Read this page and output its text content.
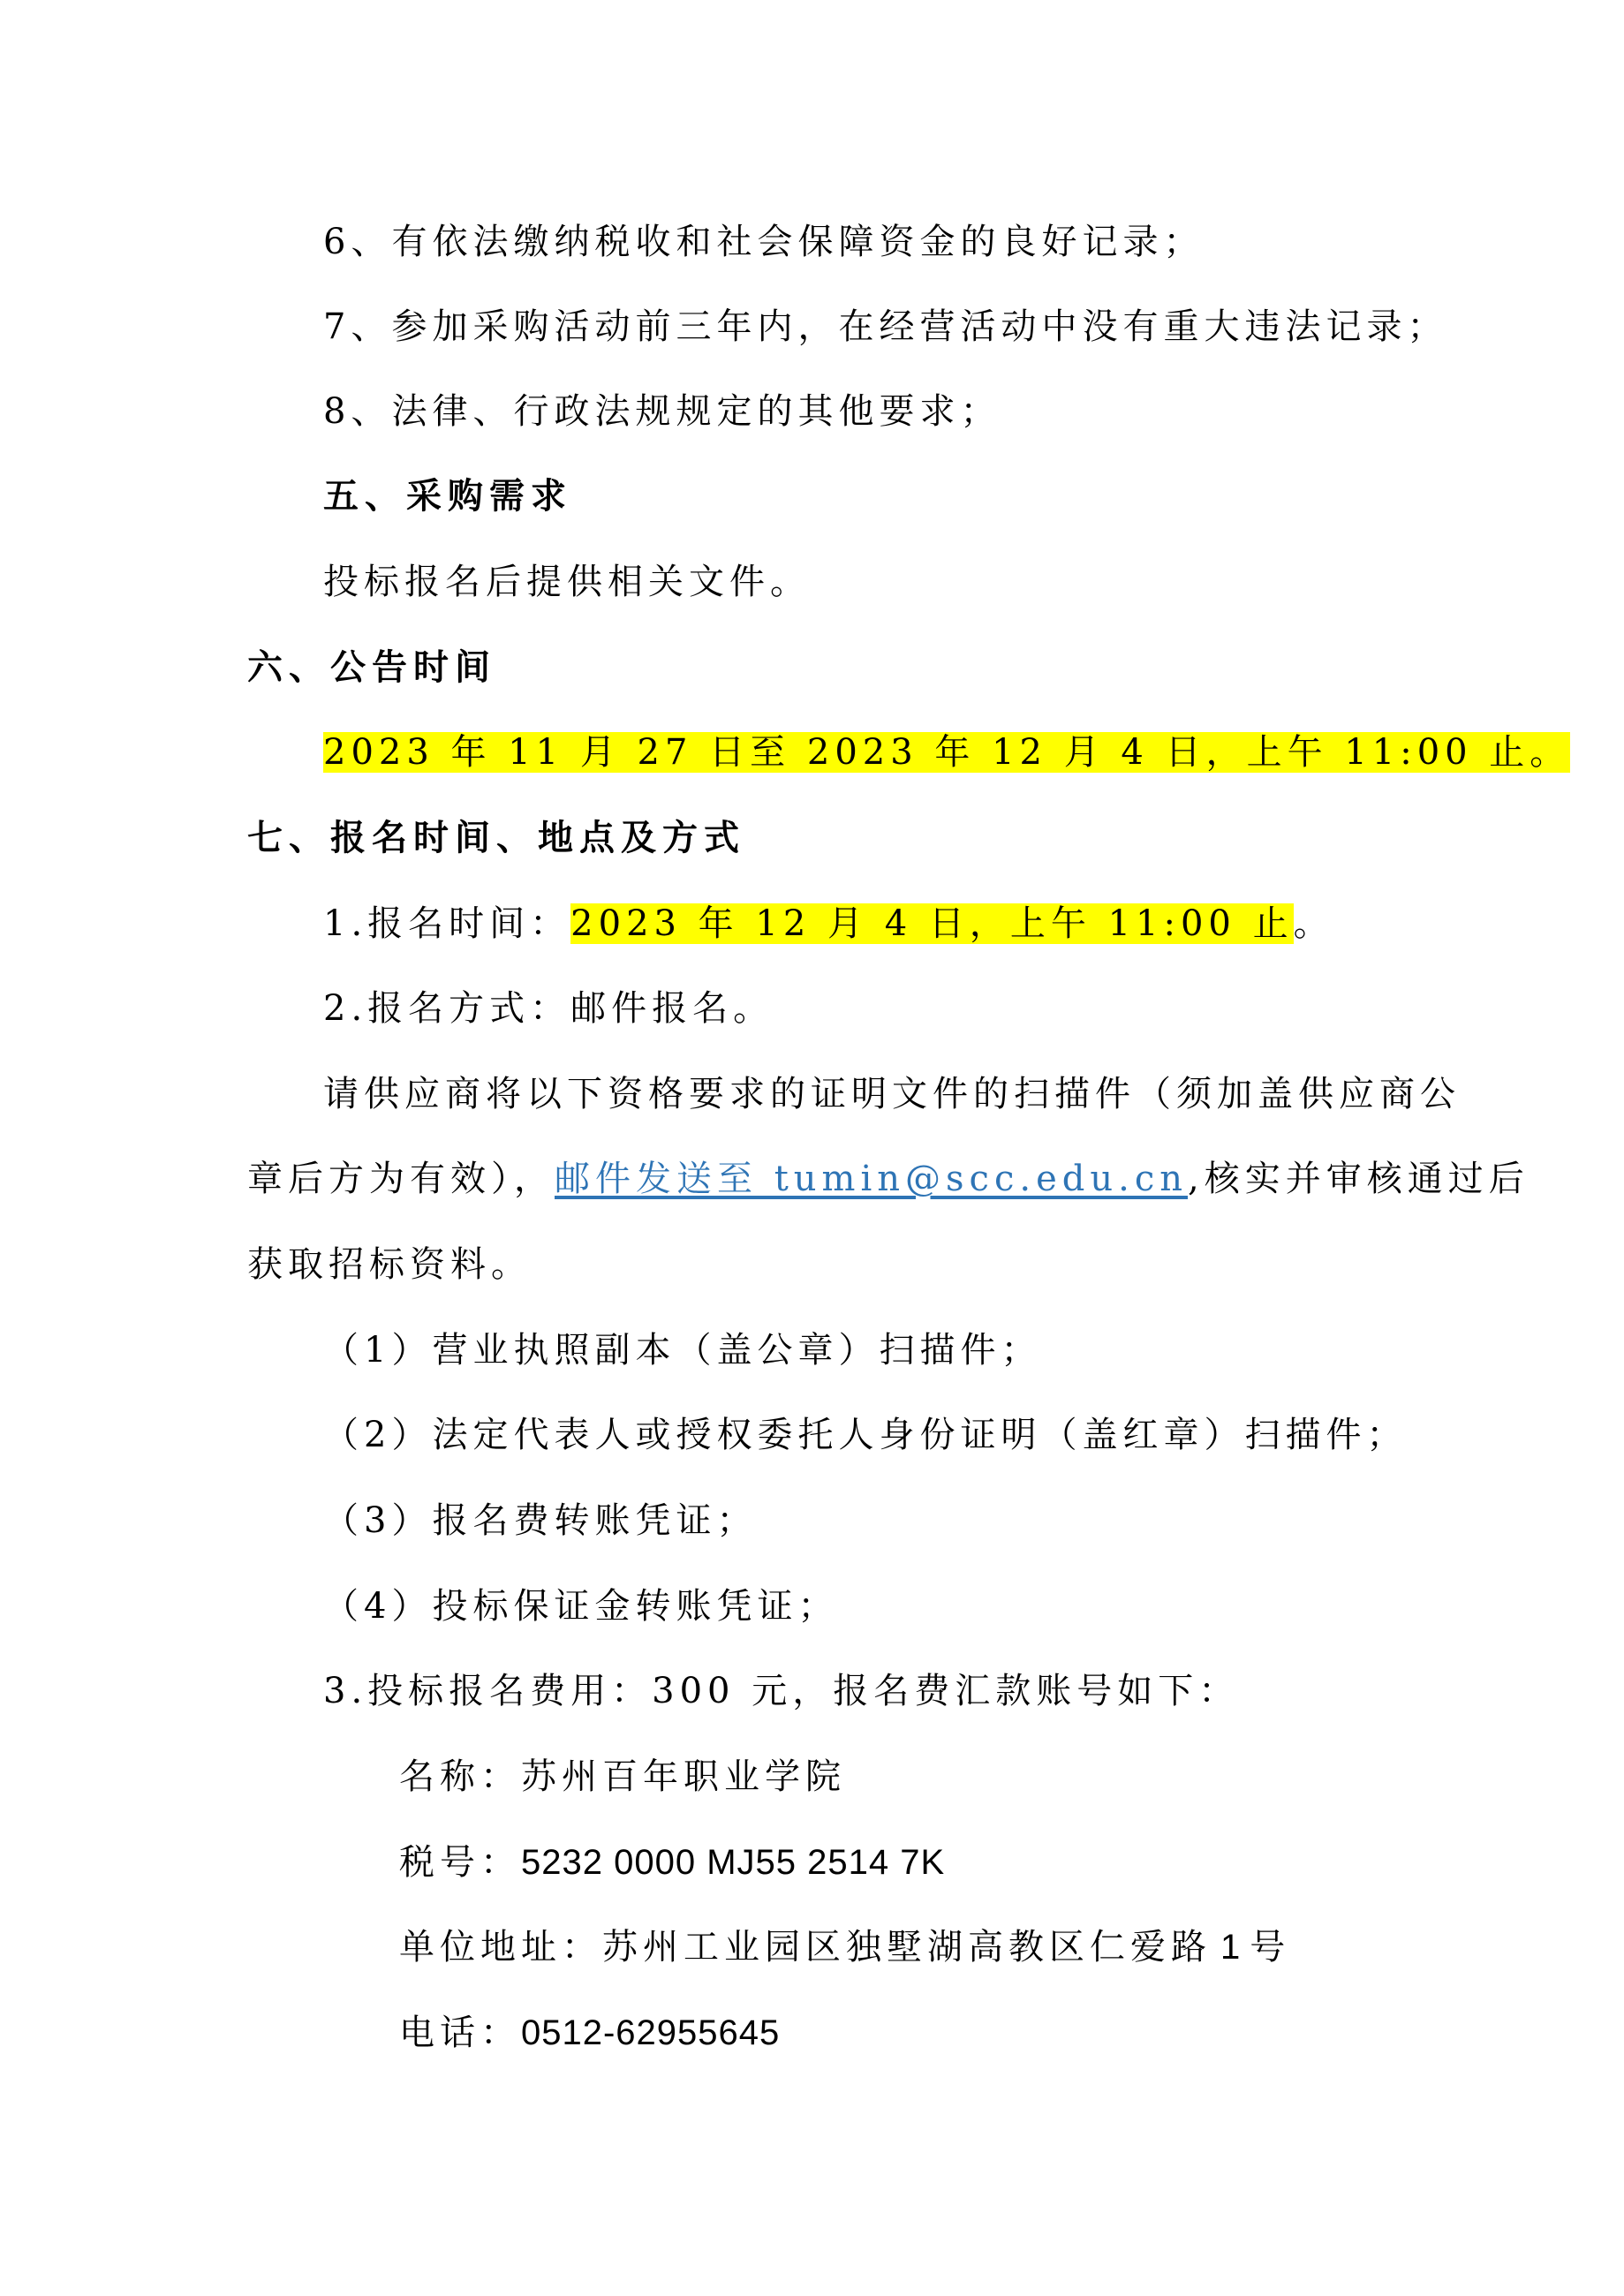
6、有依法缴纳税收和社会保障资金的良好记录；
7、参加采购活动前三年内，在经营活动中没有重大违法记录；
8、法律、行政法规规定的其他要求；
五、采购需求
投标报名后提供相关文件。
六、公告时间
2023 年 11 月 27 日至 2023 年 12 月 4 日，上午 11:00 止。
七、报名时间、地点及方式
1.报名时间：2023 年 12 月 4 日，上午 11:00 止。
2.报名方式：邮件报名。
请供应商将以下资格要求的证明文件的扫描件（须加盖供应商公
章后方为有效），邮件发送至 tumin@scc.edu.cn,核实并审核通过后
获取招标资料。
（1）营业执照副本（盖公章）扫描件；
（2）法定代表人或授权委托人身份证明（盖红章）扫描件；
（3）报名费转账凭证；
（4）投标保证金转账凭证；
3.投标报名费用：300 元，报名费汇款账号如下：
名称：苏州百年职业学院
税号：5232 0000 MJ55 2514 7K
单位地址：苏州工业园区独墅湖高教区仁爱路 1 号
电话：0512-62955645
